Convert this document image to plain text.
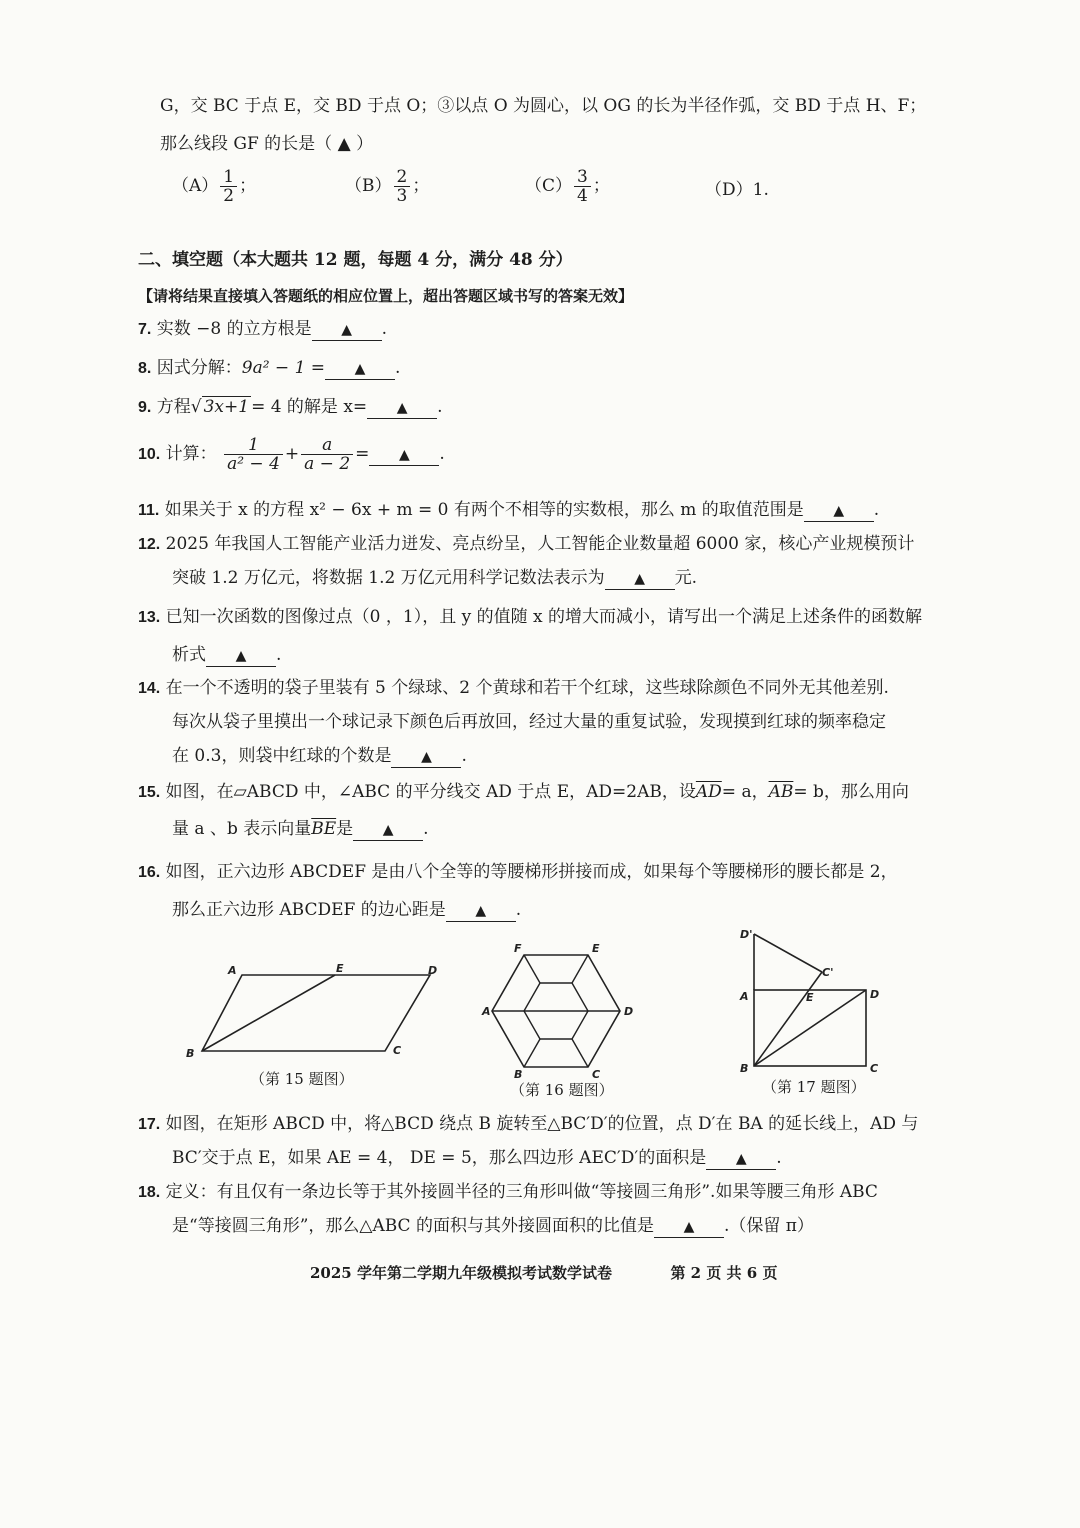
G，交 BC 于点 E，交 BD 于点 O；③以点 O 为圆心，以 OG 的长为半径作弧，交 BD 于点 H、F；
那么线段 GF 的长是（ ▲ ）
$(A) \frac{1}{2}$ ；	$(B) \frac{2}{3}$ ；	$(C) \frac{3}{4}$ ；	（D）1.
二、填空题（本大题共 12 题，每题 4 分，满分 48 分）
【请将结果直接填入答题纸的相应位置上，超出答题区域书写的答案无效】
7. 实数 −8 的立方根是 ▲ .
8. 因式分解：9a² − 1 = ▲ .
9. 方程√ 3x+1 = 4 的解是 x= ▲ .
10. 计算： $\frac{1}{\text{a² − 4}} + \frac{a}{a - 2}$ = ▲ .
11. 如果关于 x 的方程 x² − 6x + m = 0 有两个不相等的实数根，那么 m 的取值范围是 ▲ .
12. 2025 年我国人工智能产业活力迸发、亮点纷呈，人工智能企业数量超 6000 家，核心产业规模预计
突破 1.2 万亿元，将数据 1.2 万亿元用科学记数法表示为 ▲ 元.
13. 已知一次函数的图像过点（0 ，1），且 y 的值随 x 的增大而减小，请写出一个满足上述条件的函数解
析式 ▲ .
14. 在一个不透明的袋子里装有 5 个绿球、2 个黄球和若干个红球，这些球除颜色不同外无其他差别.
每次从袋子里摸出一个球记录下颜色后再放回，经过大量的重复试验，发现摸到红球的频率稳定
在 0.3，则袋中红球的个数是 ▲ .
15. 如图，在▱ABCD 中，∠ABC 的平分线交 AD 于点 E，AD=2AB，设$\overline{AD}= a$，$\overline{AB}= b$，那么用向
量 a 、b 表示向量$\overline{BE}$是 ▲ .
16. 如图，正六边形 ABCDEF 是由八个全等的等腰梯形拼接而成，如果每个等腰梯形的腰长都是 2，
那么正六边形 ABCDEF 的边心距是 ▲ .
A	E	D
B	C
（第 15 题图）
F	E
A	D
B	C
（第 16 题图）
D'
C'
A	E	D
B	C
（第 17 题图）
17. 如图，在矩形 ABCD 中，将△BCD 绕点 B 旋转至△BC′D′的位置，点 D′在 BA 的延长线上，AD 与
BC′交于点 E，如果 AE = 4， DE = 5，那么四边形 AEC′D′的面积是 ▲ .
18. 定义：有且仅有一条边长等于其外接圆半径的三角形叫做“等接圆三角形”.如果等腰三角形 ABC
是“等接圆三角形”，那么△ABC 的面积与其外接圆面积的比值是 ▲ .（保留 π）
2025 学年第二学期九年级模拟考试数学试卷	第 2 页 共 6 页
